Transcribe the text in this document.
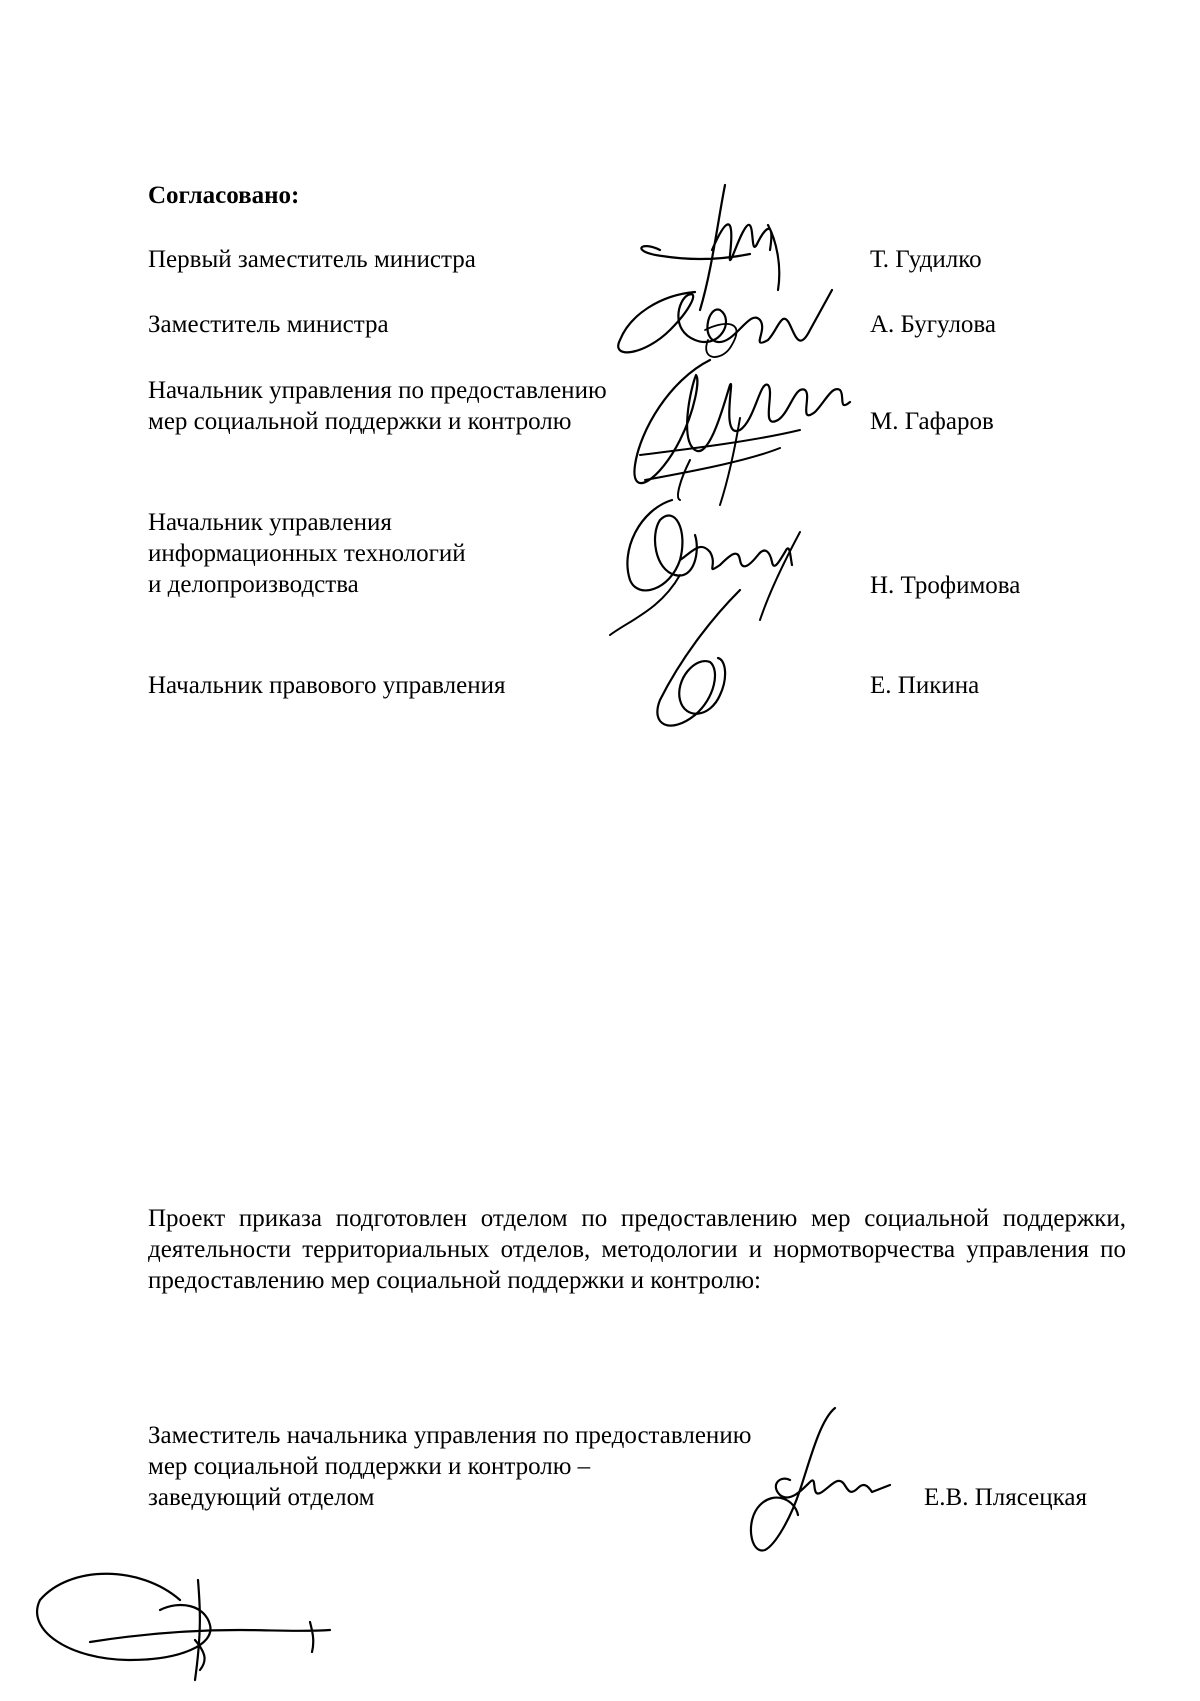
Согласовано:
Первый заместитель министра	Т. Гудилко
Заместитель министра	А. Бугулова
Начальник управления по предоставлению
мер социальной поддержки и контролю	М. Гафаров
Начальник управления
информационных технологий
и делопроизводства	Н. Трофимова
Начальник правового управления	Е. Пикина
Проект приказа подготовлен отделом по предоставлению мер социальной поддержки, деятельности территориальных отделов, методологии и нормотворчества управления по предоставлению мер социальной поддержки и контролю:
Заместитель начальника управления по предоставлению
мер социальной поддержки и контролю –
заведующий отделом	Е.В. Плясецкая
